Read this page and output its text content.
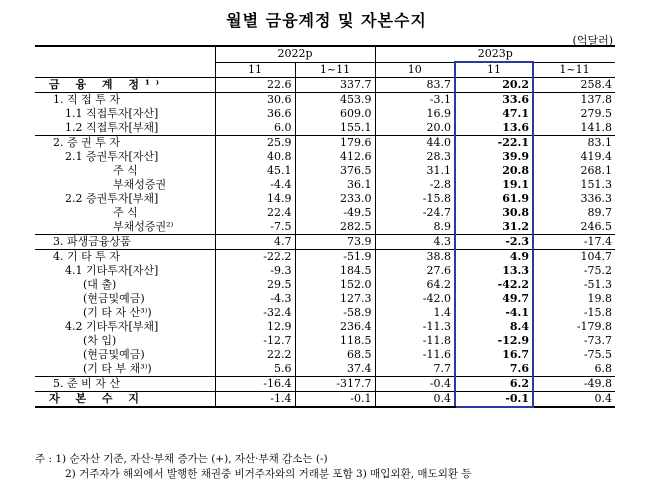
월별 금융계정 및 자본수지
(억달러)
	2022p		2023p		
	11	1~11	10	11	1~11
금 융 계 정¹⁾	22.6	337.7	83.7	20.2	258.4
1. 직 접 투 자	30.6	453.9	-3.1	33.6	137.8
1.1 직접투자[자산]	36.6	609.0	16.9	47.1	279.5
1.2 직접투자[부채]	6.0	155.1	20.0	13.6	141.8
2. 증 권 투 자	25.9	179.6	44.0	-22.1	83.1
2.1 증권투자[자산]	40.8	412.6	28.3	39.9	419.4
주 식	45.1	376.5	31.1	20.8	268.1
부채성증권	-4.4	36.1	-2.8	19.1	151.3
2.2 증권투자[부채]	14.9	233.0	-15.8	61.9	336.3
주 식	22.4	-49.5	-24.7	30.8	89.7
부채성증권²⁾	-7.5	282.5	8.9	31.2	246.5
3. 파생금융상품	4.7	73.9	4.3	-2.3	-17.4
4. 기 타 투 자	-22.2	-51.9	38.8	4.9	104.7
4.1 기타투자[자산]	-9.3	184.5	27.6	13.3	-75.2
(대 출)	29.5	152.0	64.2	-42.2	-51.3
(현금및예금)	-4.3	127.3	-42.0	49.7	19.8
(기 타 자 산³⁾)	-32.4	-58.9	1.4	-4.1	-15.8
4.2 기타투자[부채]	12.9	236.4	-11.3	8.4	-179.8
(차 입)	-12.7	118.5	-11.8	-12.9	-73.7
(현금및예금)	22.2	68.5	-11.6	16.7	-75.5
(기 타 부 채³⁾)	5.6	37.4	7.7	7.6	6.8
5. 준 비 자 산	-16.4	-317.7	-0.4	6.2	-49.8
자 본 수 지	-1.4	-0.1	0.4	-0.1	0.4
주 : 1) 순자산 기준, 자산·부채 증가는 (+), 자산·부채 감소는 (-)
2) 거주자가 해외에서 발행한 채권중 비거주자와의 거래분 포함 3) 매입외환, 매도외환 등
